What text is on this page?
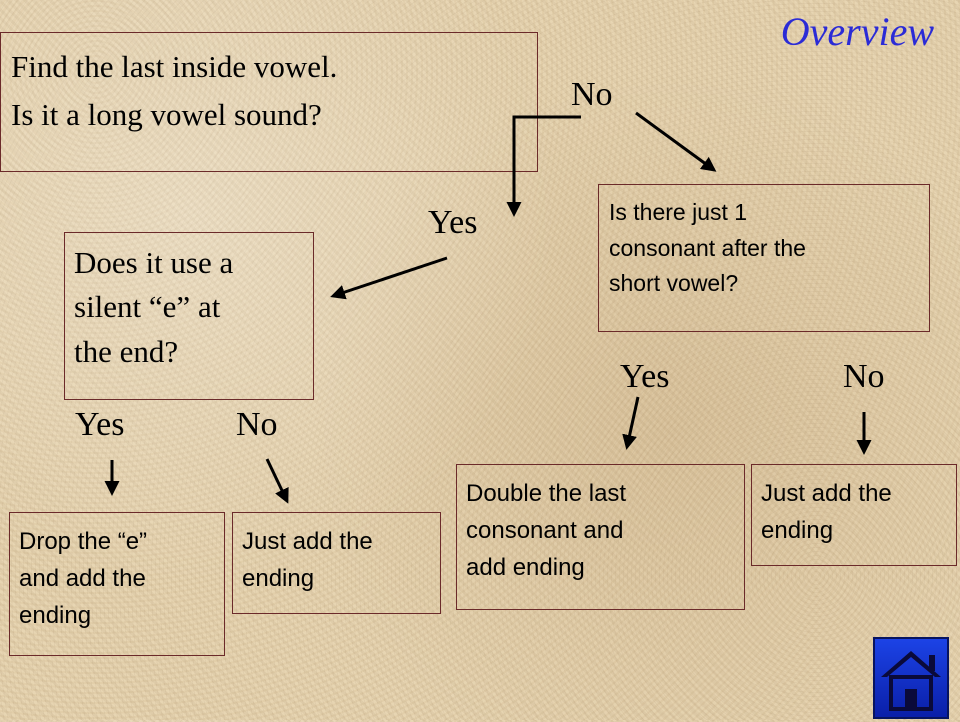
Overview
Find the last inside vowel.
Is it a long vowel sound?
No
Yes
Does it use a
silent “e” at
the end?
Is there just 1
consonant after the
short vowel?
Yes	No
Yes	No
Drop the “e”
and add the
ending
Just add the
ending
Double the last
consonant and
add ending
Just add the
ending
